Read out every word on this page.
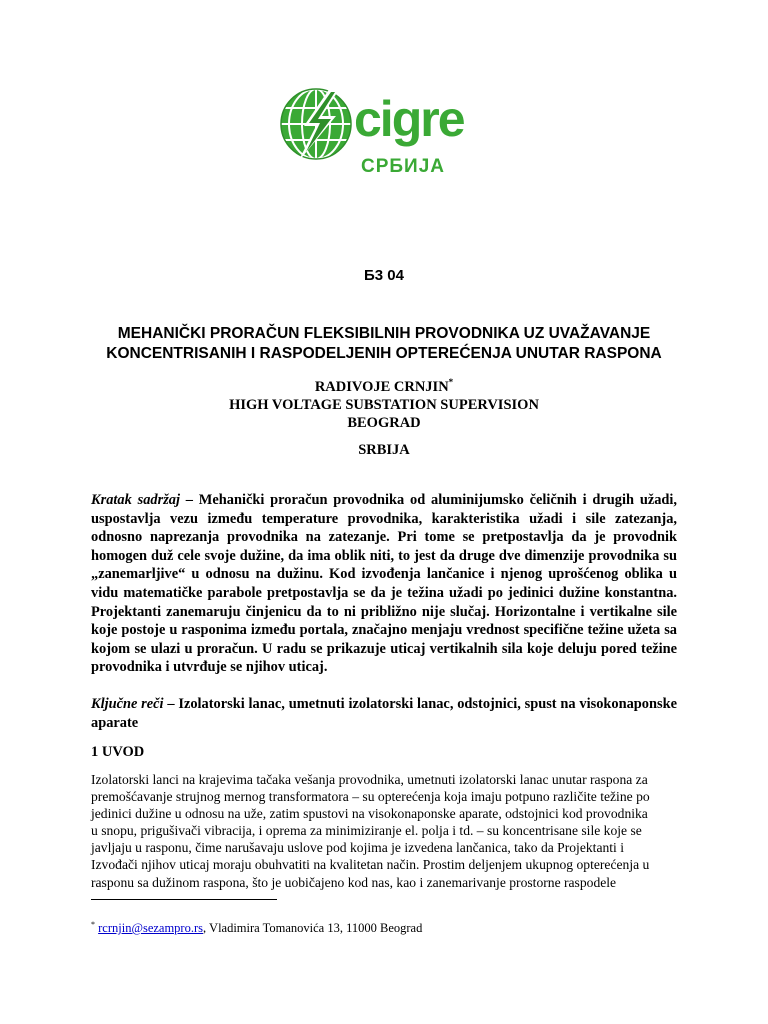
cigre
СРБИЈА
Б3 04
MEHANIČKI PRORAČUN FLEKSIBILNIH PROVODNIKA UZ UVAŽAVANJE
KONCENTRISANIH I RASPODELJENIH OPTEREĆENJA UNUTAR RASPONA
RADIVOJE CRNJIN*
HIGH VOLTAGE SUBSTATION SUPERVISION
BEOGRAD
SRBIJA

Kratak sadržaj – Mehanički proračun provodnika od aluminijumsko čeličnih i drugih užadi, uspostavlja vezu između temperature provodnika, karakteristika užadi i sile zatezanja, odnosno naprezanja provodnika na zatezanje. Pri tome se pretpostavlja da je provodnik homogen duž cele svoje dužine, da ima oblik niti, to jest da druge dve dimenzije provodnika su „zanemarljive“ u odnosu na dužinu. Kod izvođenja lančanice i njenog uprošćenog oblika u vidu matematičke parabole pretpostavlja se da je težina užadi po jedinici dužine konstantna. Projektanti zanemaruju činjenicu da to ni približno nije slučaj. Horizontalne i vertikalne sile koje postoje u rasponima između portala, značajno menjaju vrednost specifične težine užeta sa kojom se ulazi u proračun. U radu se prikazuje uticaj vertikalnih sila koje deluju pored težine provodnika i utvrđuje se njihov uticaj.

Ključne reči – Izolatorski lanac, umetnuti izolatorski lanac, odstojnici, spust na visokonaponske aparate

1 UVOD
Izolatorski lanci na krajevima tačaka vešanja provodnika, umetnuti izolatorski lanac unutar raspona za
premošćavanje strujnog mernog transformatora – su opterećenja koja imaju potpuno različite težine po
jedinici dužine u odnosu na uže, zatim spustovi na visokonaponske aparate, odstojnici kod provodnika
u snopu, prigušivači vibracija, i oprema za minimiziranje el. polja i td. – su koncentrisane sile koje se
javljaju u rasponu, čime narušavaju uslove pod kojima je izvedena lančanica, tako da Projektanti i
Izvođači njihov uticaj moraju obuhvatiti na kvalitetan način. Prostim deljenjem ukupnog opterećenja u
rasponu sa dužinom raspona, što je uobičajeno kod nas, kao i zanemarivanje prostorne raspodele
* rcrnjin@sezampro.rs, Vladimira Tomanovića 13, 11000 Beograd
